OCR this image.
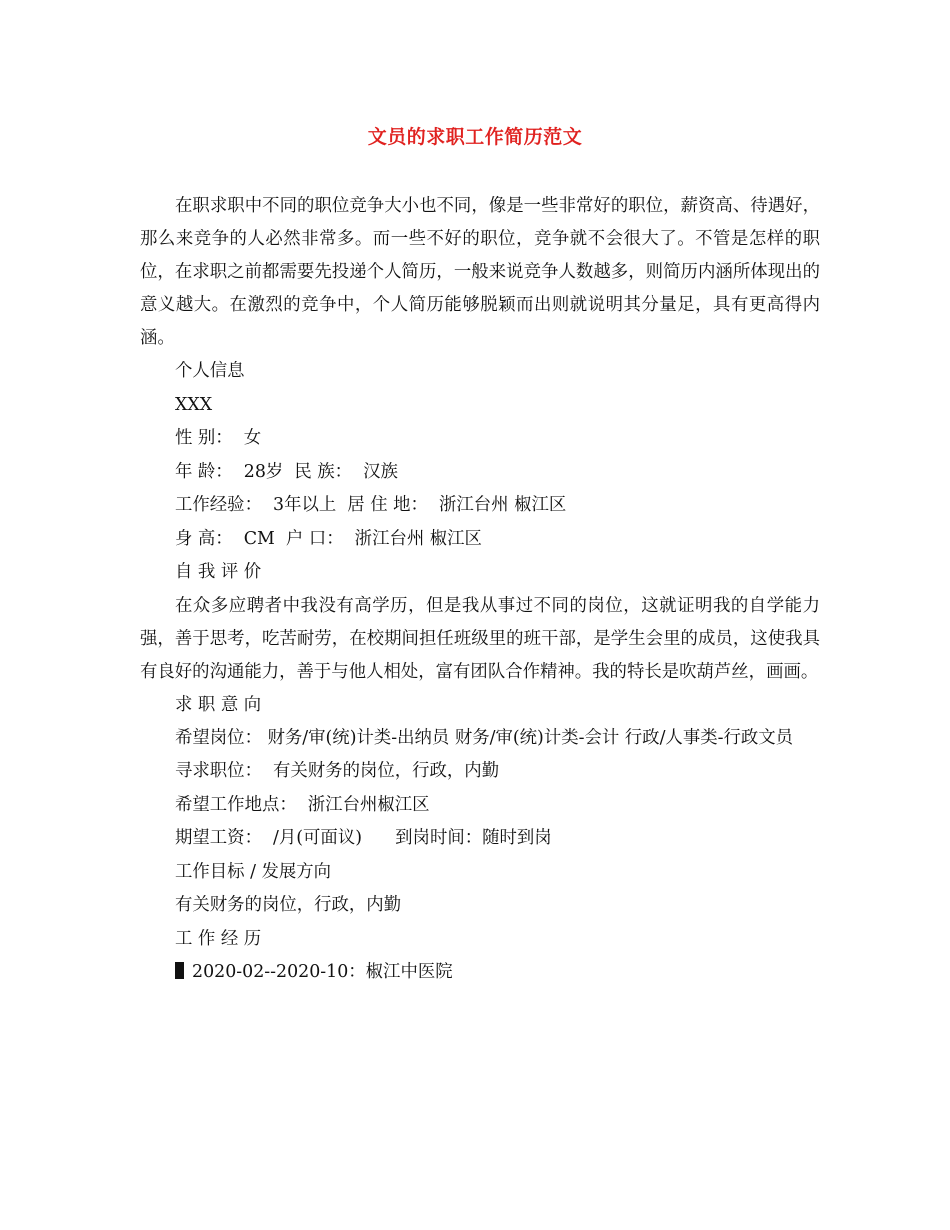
文员的求职工作简历范文

在职求职中不同的职位竞争大小也不同，像是一些非常好的职位，薪资高、待遇好，那么来竞争的人必然非常多。而一些不好的职位，竞争就不会很大了。不管是怎样的职位，在求职之前都需要先投递个人简历，一般来说竞争人数越多，则简历内涵所体现出的意义越大。在激烈的竞争中，个人简历能够脱颖而出则就说明其分量足，具有更高得内涵。

个人信息

XXX

性 别：  女

年 龄：  28岁  民 族：  汉族

工作经验：  3年以上  居 住 地：  浙江台州 椒江区

身 高：  CM  户 口：  浙江台州 椒江区

自 我 评 价

在众多应聘者中我没有高学历，但是我从事过不同的岗位，这就证明我的自学能力强，善于思考，吃苦耐劳，在校期间担任班级里的班干部，是学生会里的成员，这使我具有良好的沟通能力，善于与他人相处，富有团队合作精神。我的特长是吹葫芦丝，画画。

求 职 意 向

希望岗位： 财务/审(统)计类-出纳员 财务/审(统)计类-会计 行政/人事类-行政文员

寻求职位：  有关财务的岗位，行政，内勤

希望工作地点：  浙江台州椒江区

期望工资：  /月(可面议)      到岗时间：随时到岗

工作目标 / 发展方向

有关财务的岗位，行政，内勤

工 作 经 历

2020-02--2020-10：椒江中医院
